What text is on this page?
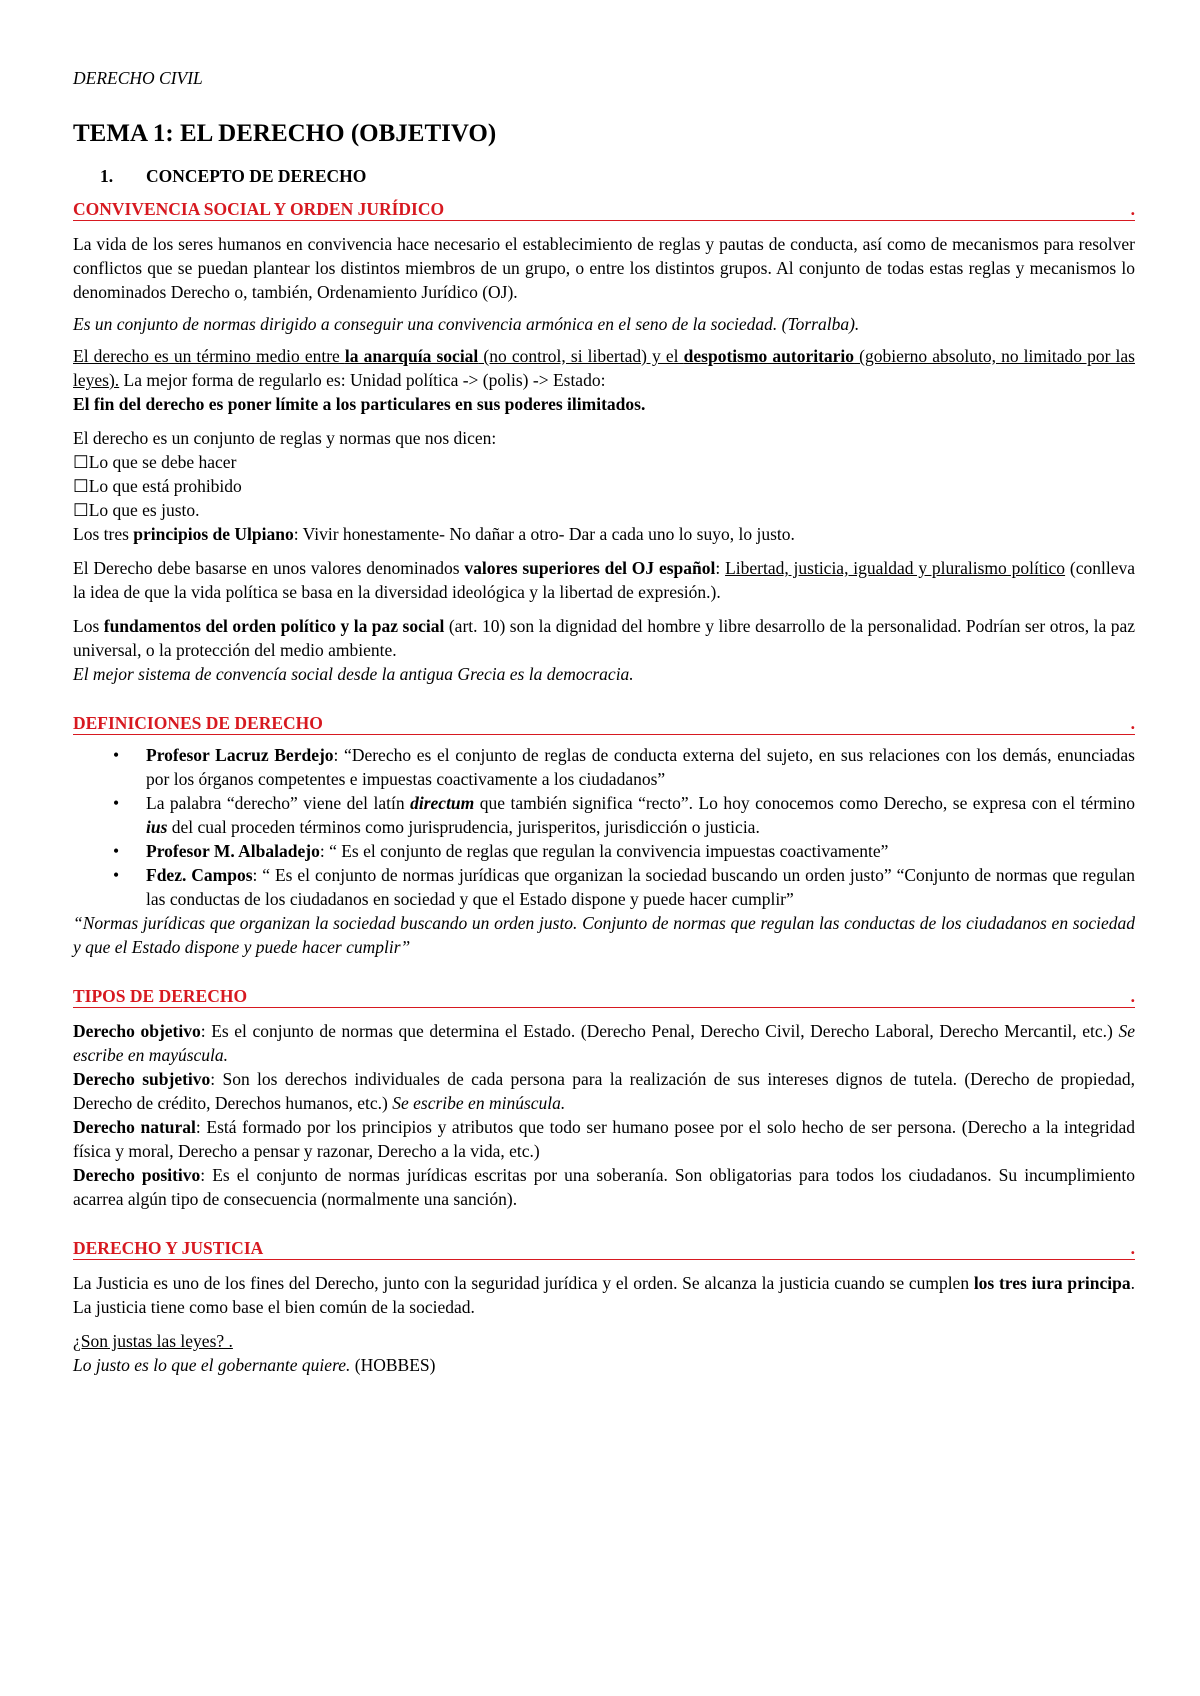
DERECHO CIVIL

TEMA 1: EL DERECHO (OBJETIVO)

1. CONCEPTO DE DERECHO

CONVIVENCIA SOCIAL Y ORDEN JURÍDICO	.

La vida de los seres humanos en convivencia hace necesario el establecimiento de reglas y pautas de conducta, así como de mecanismos para resolver conflictos que se puedan plantear los distintos miembros de un grupo, o entre los distintos grupos. Al conjunto de todas estas reglas y mecanismos lo denominados Derecho o, también, Ordenamiento Jurídico (OJ).

Es un conjunto de normas dirigido a conseguir una convivencia armónica en el seno de la sociedad. (Torralba).

El derecho es un término medio entre la anarquía social (no control, si libertad) y el despotismo autoritario (gobierno absoluto, no limitado por las leyes). La mejor forma de regularlo es: Unidad política -> (polis) -> Estado:
El fin del derecho es poner límite a los particulares en sus poderes ilimitados.

El derecho es un conjunto de reglas y normas que nos dicen:

☐Lo que se debe hacer

☐Lo que está prohibido

☐Lo que es justo.

Los tres principios de Ulpiano: Vivir honestamente- No dañar a otro- Dar a cada uno lo suyo, lo justo.

El Derecho debe basarse en unos valores denominados valores superiores del OJ español: Libertad, justicia, igualdad y pluralismo político (conlleva la idea de que la vida política se basa en la diversidad ideológica y la libertad de expresión.).

Los fundamentos del orden político y la paz social (art. 10) son la dignidad del hombre y libre desarrollo de la personalidad. Podrían ser otros, la paz universal, o la protección del medio ambiente.
El mejor sistema de convencía social desde la antigua Grecia es la democracia.

DEFINICIONES DE DERECHO	.
• Profesor Lacruz Berdejo: “Derecho es el conjunto de reglas de conducta externa del sujeto, en sus relaciones con los demás, enunciadas por los órganos competentes e impuestas coactivamente a los ciudadanos”
• La palabra “derecho” viene del latín directum que también significa “recto”. Lo hoy conocemos como Derecho, se expresa con el término ius del cual proceden términos como jurisprudencia, jurisperitos, jurisdicción o justicia.
• Profesor M. Albaladejo: “ Es el conjunto de reglas que regulan la convivencia impuestas coactivamente”
• Fdez. Campos: “ Es el conjunto de normas jurídicas que organizan la sociedad buscando un orden justo” “Conjunto de normas que regulan las conductas de los ciudadanos en sociedad y que el Estado dispone y puede hacer cumplir”

“Normas jurídicas que organizan la sociedad buscando un orden justo. Conjunto de normas que regulan las conductas de los ciudadanos en sociedad y que el Estado dispone y puede hacer cumplir”

TIPOS DE DERECHO	.

Derecho objetivo: Es el conjunto de normas que determina el Estado. (Derecho Penal, Derecho Civil, Derecho Laboral, Derecho Mercantil, etc.) Se escribe en mayúscula.

Derecho subjetivo: Son los derechos individuales de cada persona para la realización de sus intereses dignos de tutela. (Derecho de propiedad, Derecho de crédito, Derechos humanos, etc.) Se escribe en minúscula.

Derecho natural: Está formado por los principios y atributos que todo ser humano posee por el solo hecho de ser persona. (Derecho a la integridad física y moral, Derecho a pensar y razonar, Derecho a la vida, etc.)

Derecho positivo: Es el conjunto de normas jurídicas escritas por una soberanía. Son obligatorias para todos los ciudadanos. Su incumplimiento acarrea algún tipo de consecuencia (normalmente una sanción).

DERECHO Y JUSTICIA	.

La Justicia es uno de los fines del Derecho, junto con la seguridad jurídica y el orden. Se alcanza la justicia cuando se cumplen los tres iura principa. La justicia tiene como base el bien común de la sociedad.

¿Son justas las leyes? .

Lo justo es lo que el gobernante quiere. (HOBBES)
